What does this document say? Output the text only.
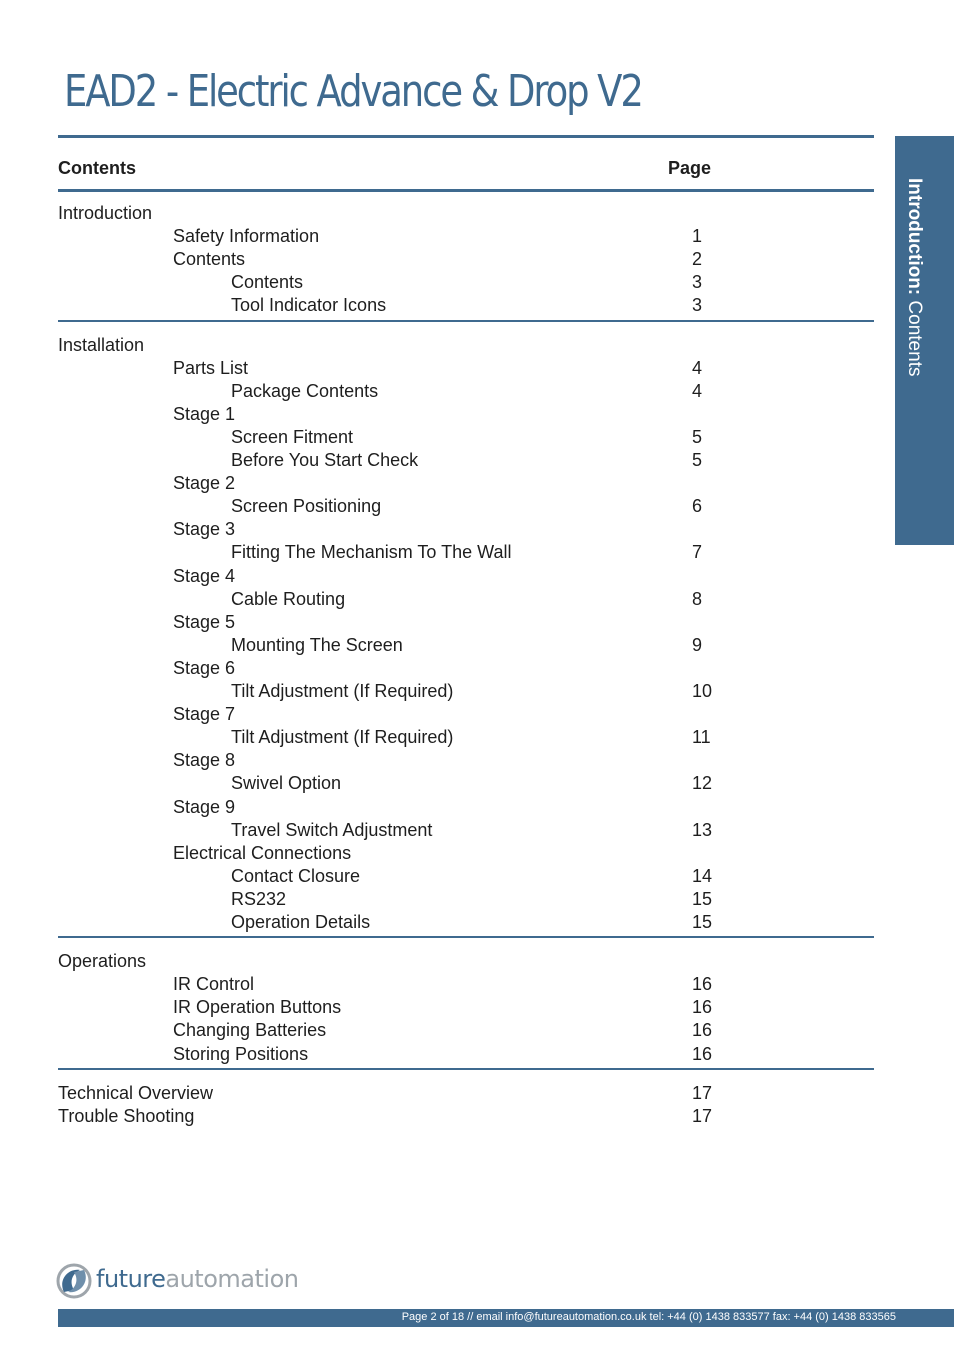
EAD2 - Electric Advance & Drop V2
Introduction: Contents
Contents	Page
Introduction
Safety Information	1
Contents	2
Contents	3
Tool Indicator Icons	3
Installation
Parts List	4
Package Contents	4
Stage 1
Screen Fitment	5
Before You Start Check	5
Stage 2
Screen Positioning	6
Stage 3
Fitting The Mechanism To The Wall	7
Stage 4
Cable Routing	8
Stage 5
Mounting The Screen	9
Stage 6
Tilt Adjustment (If Required)	10
Stage 7
Tilt Adjustment (If Required)	11
Stage 8
Swivel Option	12
Stage 9
Travel Switch Adjustment	13
Electrical Connections
Contact Closure	14
RS232	15
Operation Details	15
Operations
IR Control	16
IR Operation Buttons	16
Changing Batteries	16
Storing Positions	16
Technical Overview	17
Trouble Shooting	17
futureautomation
Page 2 of 18 // email info@futureautomation.co.uk tel: +44 (0) 1438 833577 fax: +44 (0) 1438 833565
